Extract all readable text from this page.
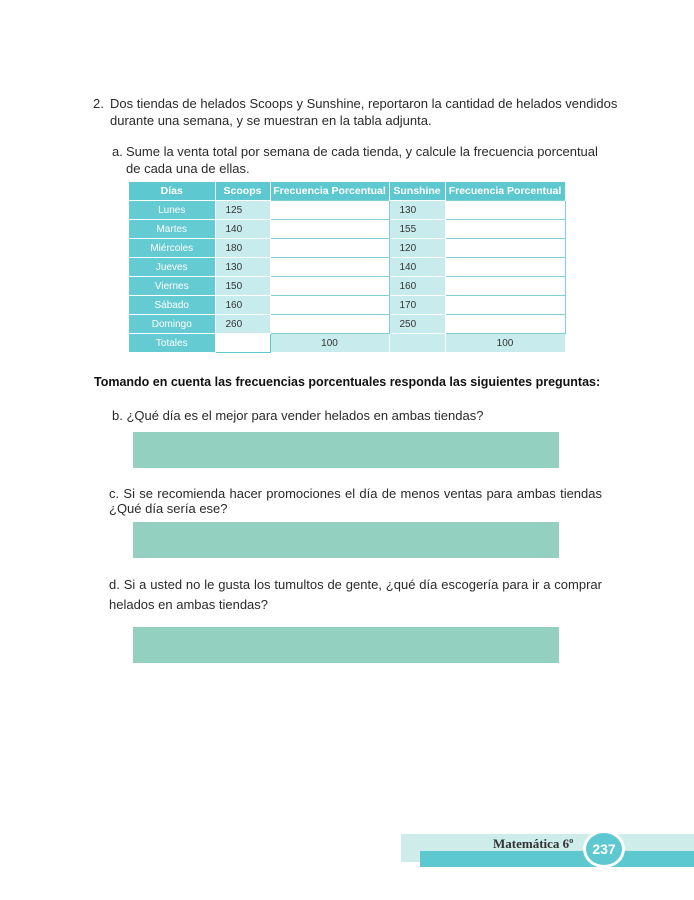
2. Dos tiendas de helados Scoops y Sunshine, reportaron la cantidad de helados vendidos
durante una semana, y se muestran en la tabla adjunta.
a. Sume la venta total por semana de cada tienda, y calcule la frecuencia porcentual
de cada una de ellas.
Días	Scoops	Frecuencia Porcentual	Sunshine	Frecuencia Porcentual
Lunes	125		130	
Martes	140		155	
Miércoles	180		120	
Jueves	130		140	
Viernes	150		160	
Sábado	160		170	
Domingo	260		250	
Totales		100		100
Tomando en cuenta las frecuencias porcentuales responda las siguientes preguntas:
b. ¿Qué día es el mejor para vender helados en ambas tiendas?
c. Si se recomienda hacer promociones el día de menos ventas para ambas tiendas
¿Qué día sería ese?
d. Si a usted no le gusta los tumultos de gente, ¿qué día escogería para ir a comprar
helados en ambas tiendas?
Matemática 6º	237
